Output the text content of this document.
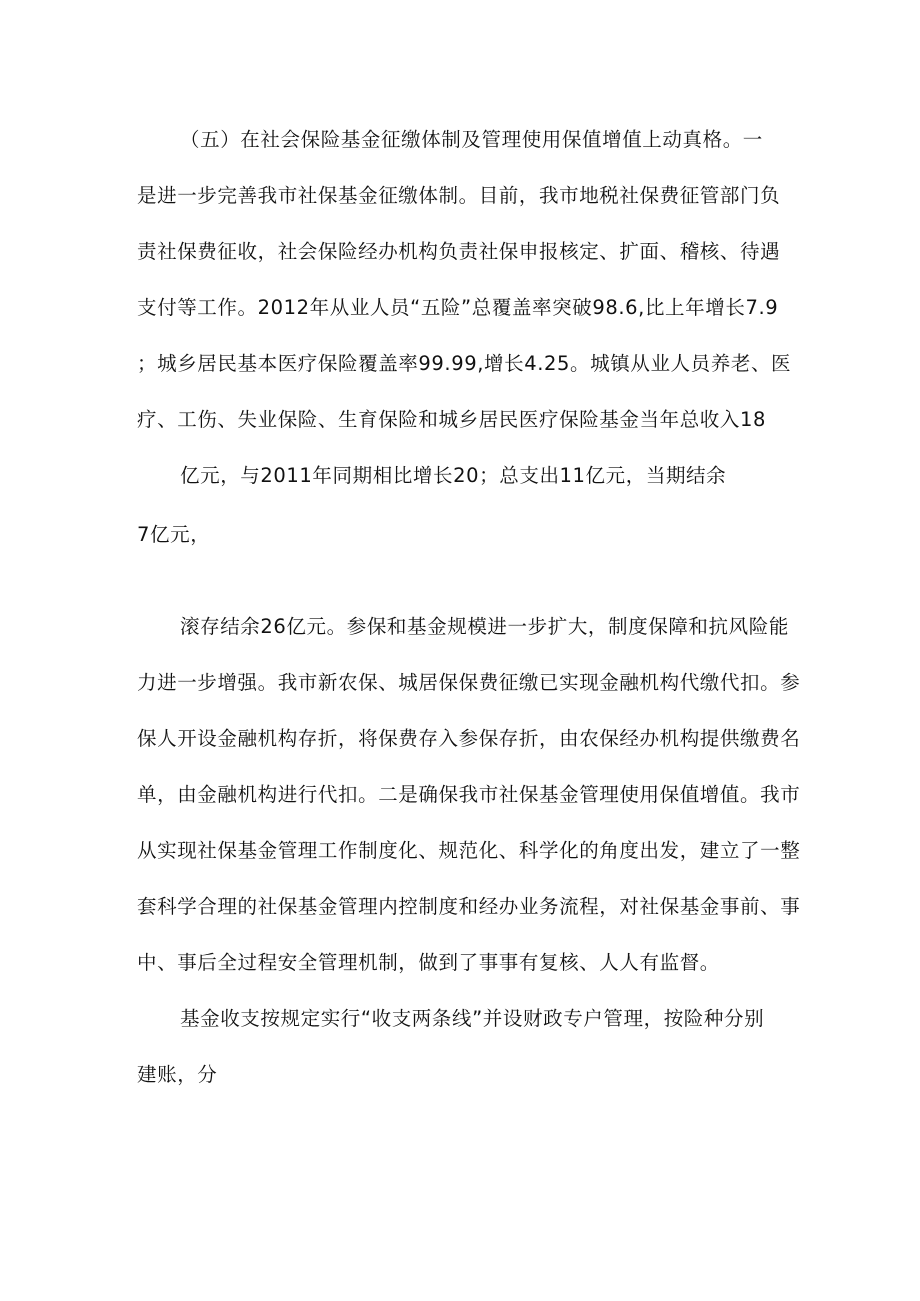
（五）在社会保险基金征缴体制及管理使用保值增值上动真格。一
是进一步完善我市社保基金征缴体制。目前，我市地税社保费征管部门负
责社保费征收，社会保险经办机构负责社保申报核定、扩面、稽核、待遇
支付等工作。2012年从业人员“五险”总覆盖率突破98.6,比上年增长7.9
；城乡居民基本医疗保险覆盖率99.99,增长4.25。城镇从业人员养老、医
疗、工伤、失业保险、生育保险和城乡居民医疗保险基金当年总收入18
亿元，与2011年同期相比增长20；总支出11亿元，当期结余
7亿元，
滚存结余26亿元。参保和基金规模进一步扩大，制度保障和抗风险能
力进一步增强。我市新农保、城居保保费征缴已实现金融机构代缴代扣。参
保人开设金融机构存折，将保费存入参保存折，由农保经办机构提供缴费名
单，由金融机构进行代扣。二是确保我市社保基金管理使用保值增值。我市
从实现社保基金管理工作制度化、规范化、科学化的角度出发，建立了一整
套科学合理的社保基金管理内控制度和经办业务流程，对社保基金事前、事
中、事后全过程安全管理机制，做到了事事有复核、人人有监督。
基金收支按规定实行“收支两条线”并设财政专户管理，按险种分别
建账，分
